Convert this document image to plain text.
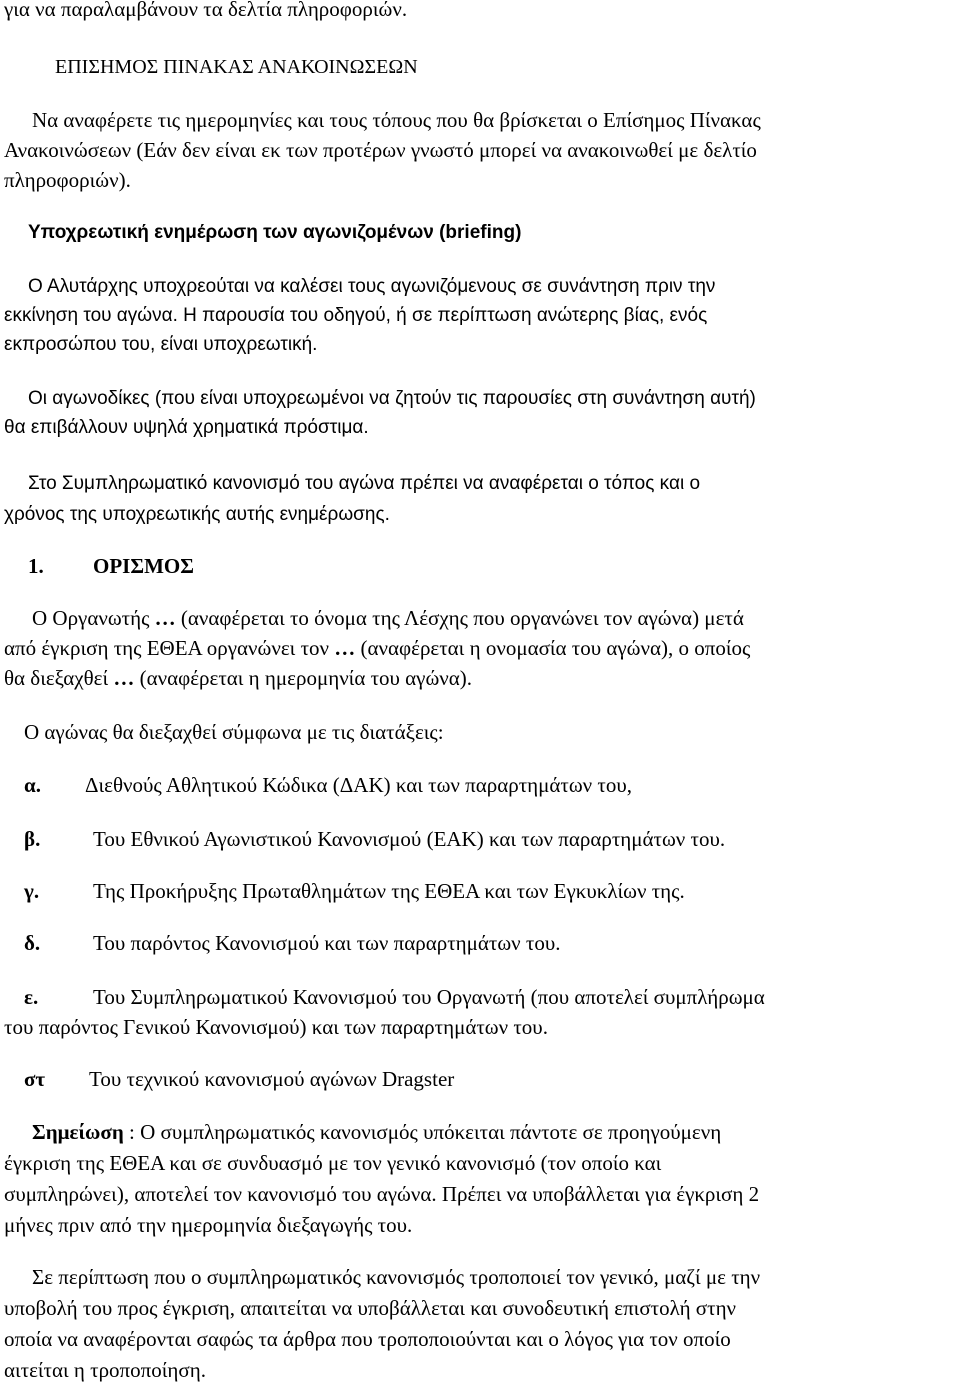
για να παραλαμβάνουν τα δελτία πληροφοριών.

ΕΠΙΣΗΜΟΣ ΠΙΝΑΚΑΣ ΑΝΑΚΟΙΝΩΣΕΩΝ

Να αναφέρετε τις ημερομηνίες και τους τόπους που θα βρίσκεται ο Επίσημος Πίνακας
Ανακοινώσεων (Εάν δεν είναι εκ των προτέρων γνωστό μπορεί να ανακοινωθεί με δελτίο
πληροφοριών).

Υποχρεωτική ενημέρωση των αγωνιζομένων (briefing)

Ο Αλυτάρχης υποχρεούται να καλέσει τους αγωνιζόμενους σε συνάντηση πριν την
εκκίνηση του αγώνα. Η παρουσία του οδηγού, ή σε περίπτωση ανώτερης βίας, ενός
εκπροσώπου του, είναι υποχρεωτική.
Οι αγωνοδίκες (που είναι υποχρεωμένοι να ζητούν τις παρουσίες στη συνάντηση αυτή)
θα επιβάλλουν υψηλά χρηματικά πρόστιμα.
Στο Συμπληρωματικό κανονισμό του αγώνα πρέπει να αναφέρεται ο τόπος και ο
χρόνος της υποχρεωτικής αυτής ενημέρωσης.

1. ΟΡΙΣΜΟΣ

Ο Οργανωτής … (αναφέρεται το όνομα της Λέσχης που οργανώνει τον αγώνα) μετά
από έγκριση της ΕΘΕΑ οργανώνει τον … (αναφέρεται η ονομασία του αγώνα), ο οποίος
θα διεξαχθεί … (αναφέρεται η ημερομηνία του αγώνα).

Ο αγώνας θα διεξαχθεί σύμφωνα με τις διατάξεις:

α. Διεθνούς Αθλητικού Κώδικα (ΔΑΚ) και των παραρτημάτων του,
β.	Του Εθνικού Αγωνιστικού Κανονισμού (ΕΑΚ) και των παραρτημάτων του.
γ.	Της Προκήρυξης Πρωταθλημάτων της ΕΘΕΑ και των Εγκυκλίων της.
δ.	Του παρόντος Κανονισμού και των παραρτημάτων του.
ε.	Του Συμπληρωματικού Κανονισμού του Οργανωτή (που αποτελεί συμπλήρωμα
του παρόντος Γενικού Κανονισμού) και των παραρτημάτων του.
στ Του τεχνικού κανονισμού αγώνων Dragster
Σημείωση : Ο συμπληρωματικός κανονισμός υπόκειται πάντοτε σε προηγούμενη
έγκριση της ΕΘΕΑ και σε συνδυασμό με τον γενικό κανονισμό (τον οποίο και
συμπληρώνει), αποτελεί τον κανονισμό του αγώνα. Πρέπει να υποβάλλεται για έγκριση 2
μήνες πριν από την ημερομηνία διεξαγωγής του.
Σε περίπτωση που ο συμπληρωματικός κανονισμός τροποποιεί τον γενικό, μαζί με την
υποβολή του προς έγκριση, απαιτείται να υποβάλλεται και συνοδευτική επιστολή στην
οποία να αναφέρονται σαφώς τα άρθρα που τροποποιούνται και ο λόγος για τον οποίο
αιτείται η τροποποίηση.
